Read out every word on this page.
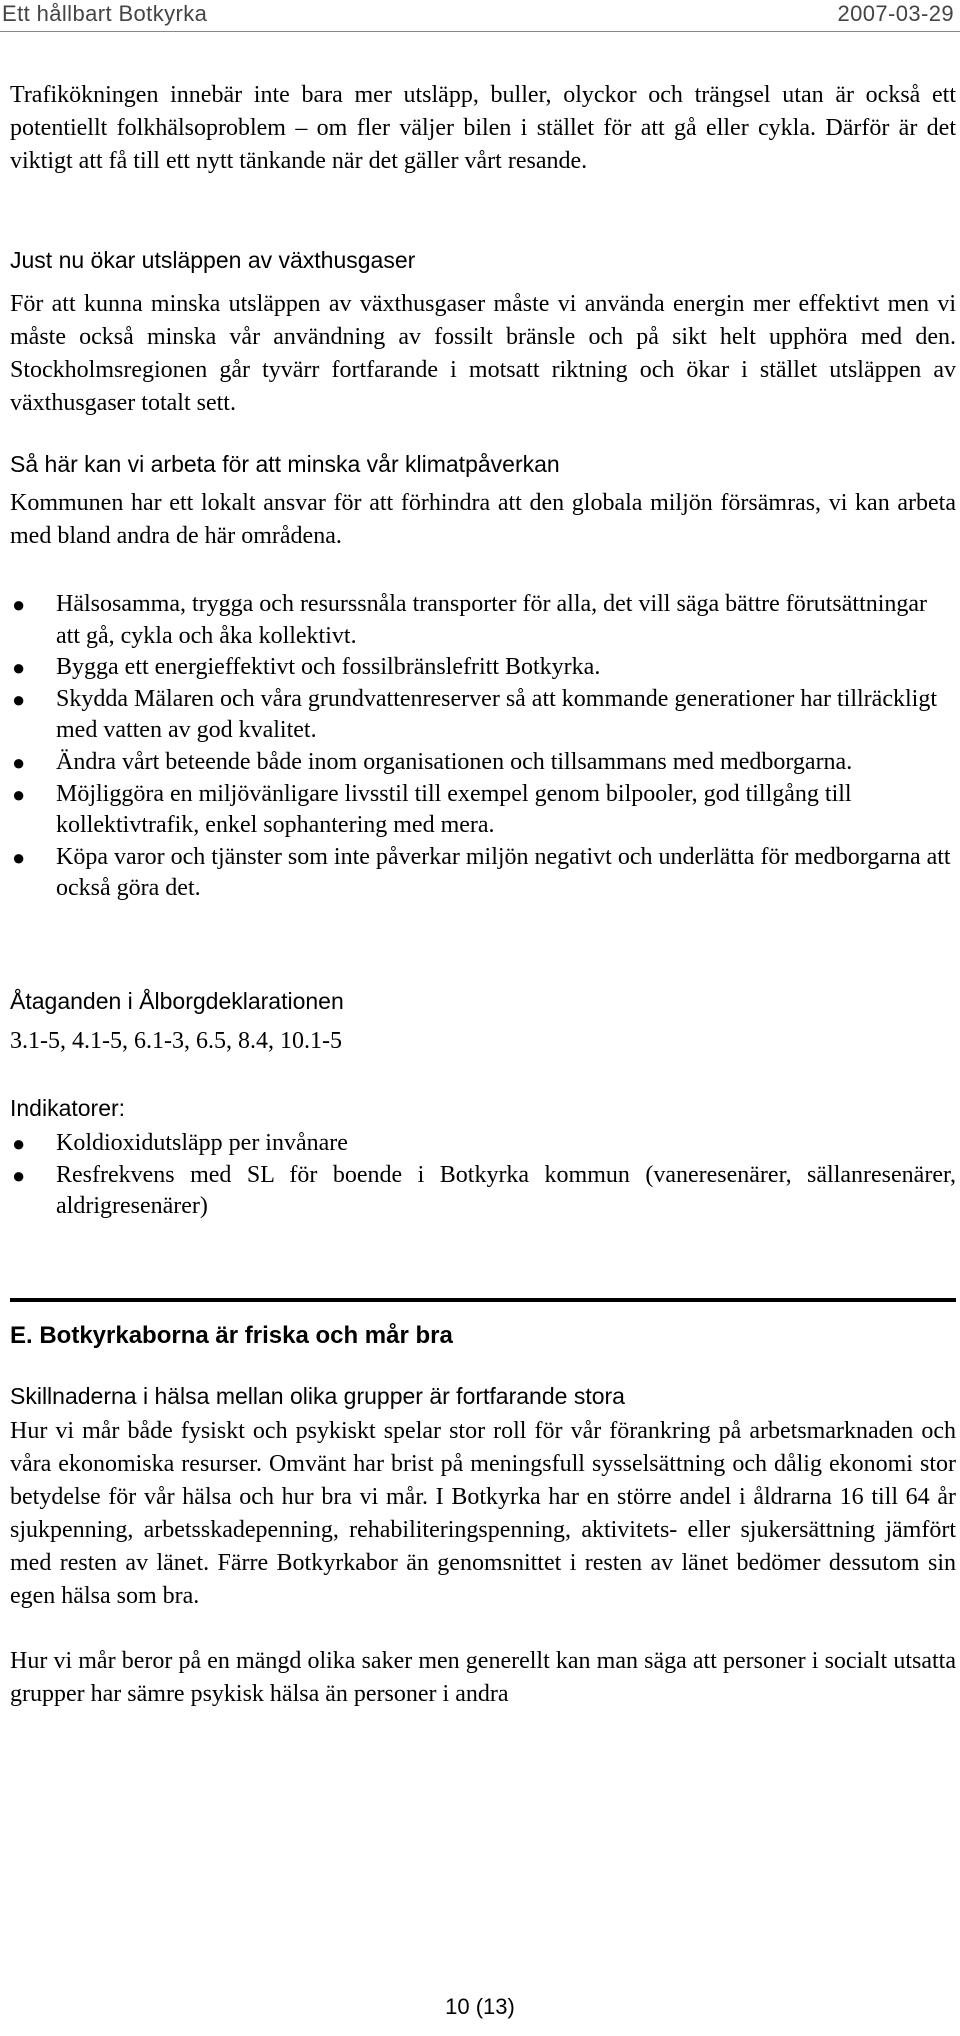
Ett hållbart Botkyrka	2007-03-29

Trafikökningen innebär inte bara mer utsläpp, buller, olyckor och trängsel utan är också ett potentiellt folkhälsoproblem – om fler väljer bilen i stället för att gå eller cykla. Därför är det viktigt att få till ett nytt tänkande när det gäller vårt resande.

Just nu ökar utsläppen av växthusgaser

För att kunna minska utsläppen av växthusgaser måste vi använda energin mer effektivt men vi måste också minska vår användning av fossilt bränsle och på sikt helt upphöra med den. Stockholmsregionen går tyvärr fortfarande i motsatt riktning och ökar i stället utsläppen av växthusgaser totalt sett.

Så här kan vi arbeta för att minska vår klimatpåverkan

Kommunen har ett lokalt ansvar för att förhindra att den globala miljön försämras, vi kan arbeta med bland andra de här områdena.

● Hälsosamma, trygga och resurssnåla transporter för alla, det vill säga bättre förutsättningar att gå, cykla och åka kollektivt.
● Bygga ett energieffektivt och fossilbränslefritt Botkyrka.
● Skydda Mälaren och våra grundvattenreserver så att kommande generationer har tillräckligt med vatten av god kvalitet.
● Ändra vårt beteende både inom organisationen och tillsammans med medborgarna.
● Möjliggöra en miljövänligare livsstil till exempel genom bilpooler, god tillgång till kollektivtrafik, enkel sophantering med mera.
● Köpa varor och tjänster som inte påverkar miljön negativt och underlätta för medborgarna att också göra det.

Åtaganden i Ålborgdeklarationen

3.1-5, 4.1-5, 6.1-3, 6.5, 8.4, 10.1-5

Indikatorer:

● Koldioxidutsläpp per invånare
● Resfrekvens med SL för boende i Botkyrka kommun (vaneresenärer, sällanresenärer, aldrigresenärer)

E. Botkyrkaborna är friska och mår bra

Skillnaderna i hälsa mellan olika grupper är fortfarande stora

Hur vi mår både fysiskt och psykiskt spelar stor roll för vår förankring på arbetsmarknaden och våra ekonomiska resurser. Omvänt har brist på meningsfull sysselsättning och dålig ekonomi stor betydelse för vår hälsa och hur bra vi mår. I Botkyrka har en större andel i åldrarna 16 till 64 år sjukpenning, arbetsskadepenning, rehabiliteringspenning, aktivitets- eller sjukersättning jämfört med resten av länet. Färre Botkyrkabor än genomsnittet i resten av länet bedömer dessutom sin egen hälsa som bra.

Hur vi mår beror på en mängd olika saker men generellt kan man säga att personer i socialt utsatta grupper har sämre psykisk hälsa än personer i andra

10 (13)
